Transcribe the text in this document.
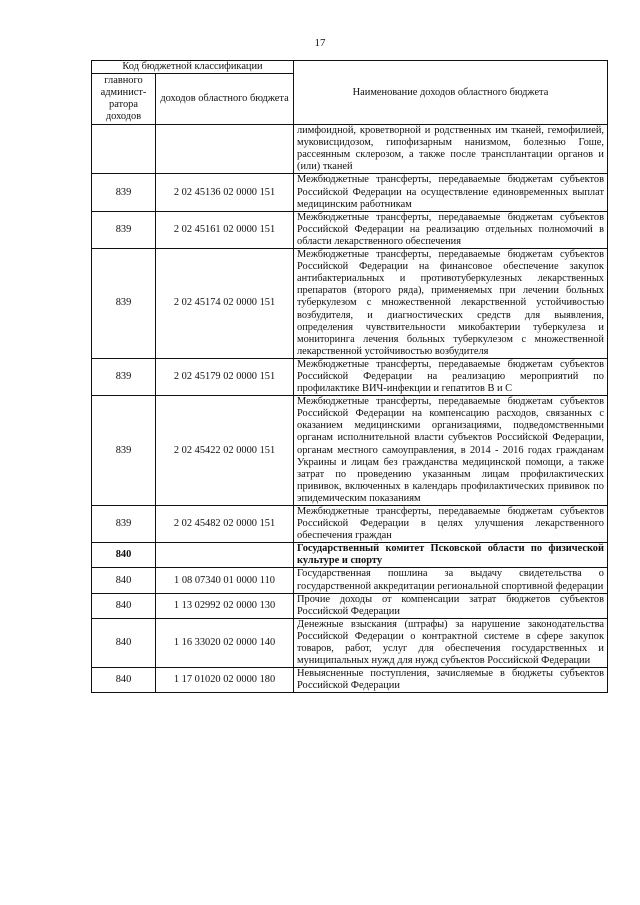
17
Код бюджетной классификации		Наименование доходов областного бюджета
главного админист-ратора доходов	доходов областного бюджета	
		лимфоидной, кроветворной и родственных им тканей, гемофилией, муковисцидозом, гипофизарным нанизмом, болезнью Гоше, рассеянным склерозом, а также после трансплантации органов и (или) тканей
839	2 02 45136 02 0000 151	Межбюджетные трансферты, передаваемые бюджетам субъектов Российской Федерации на осуществление единовременных выплат медицинским работникам
839	2 02 45161 02 0000 151	Межбюджетные трансферты, передаваемые бюджетам субъектов Российской Федерации на реализацию отдельных полномочий в области лекарственного обеспечения
839	2 02 45174 02 0000 151	Межбюджетные трансферты, передаваемые бюджетам субъектов Российской Федерации на финансовое обеспечение закупок антибактериальных и противотуберкулезных лекарственных препаратов (второго ряда), применяемых при лечении больных туберкулезом с множественной лекарственной устойчивостью возбудителя, и диагностических средств для выявления, определения чувствительности микобактерии туберкулеза и мониторинга лечения больных туберкулезом с множественной лекарственной устойчивостью возбудителя
839	2 02 45179 02 0000 151	Межбюджетные трансферты, передаваемые бюджетам субъектов Российской Федерации на реализацию мероприятий по профилактике ВИЧ-инфекции и гепатитов В и С
839	2 02 45422 02 0000 151	Межбюджетные трансферты, передаваемые бюджетам субъектов Российской Федерации на компенсацию расходов, связанных с оказанием медицинскими организациями, подведомственными органам исполнительной власти субъектов Российской Федерации, органам местного самоуправления, в 2014 - 2016 годах гражданам Украины и лицам без гражданства медицинской помощи, а также затрат по проведению указанным лицам профилактических прививок, включенных в календарь профилактических прививок по эпидемическим показаниям
839	2 02 45482 02 0000 151	Межбюджетные трансферты, передаваемые бюджетам субъектов Российской Федерации в целях улучшения лекарственного обеспечения граждан
840		Государственный комитет Псковской области по физической культуре и спорту
840	1 08 07340 01 0000 110	Государственная пошлина за выдачу свидетельства о государственной аккредитации региональной спортивной федерации
840	1 13 02992 02 0000 130	Прочие доходы от компенсации затрат бюджетов субъектов Российской Федерации
840	1 16 33020 02 0000 140	Денежные взыскания (штрафы) за нарушение законодательства Российской Федерации о контрактной системе в сфере закупок товаров, работ, услуг для обеспечения государственных и муниципальных нужд для нужд субъектов Российской Федерации
840	1 17 01020 02 0000 180	Невыясненные поступления, зачисляемые в бюджеты субъектов Российской Федерации
